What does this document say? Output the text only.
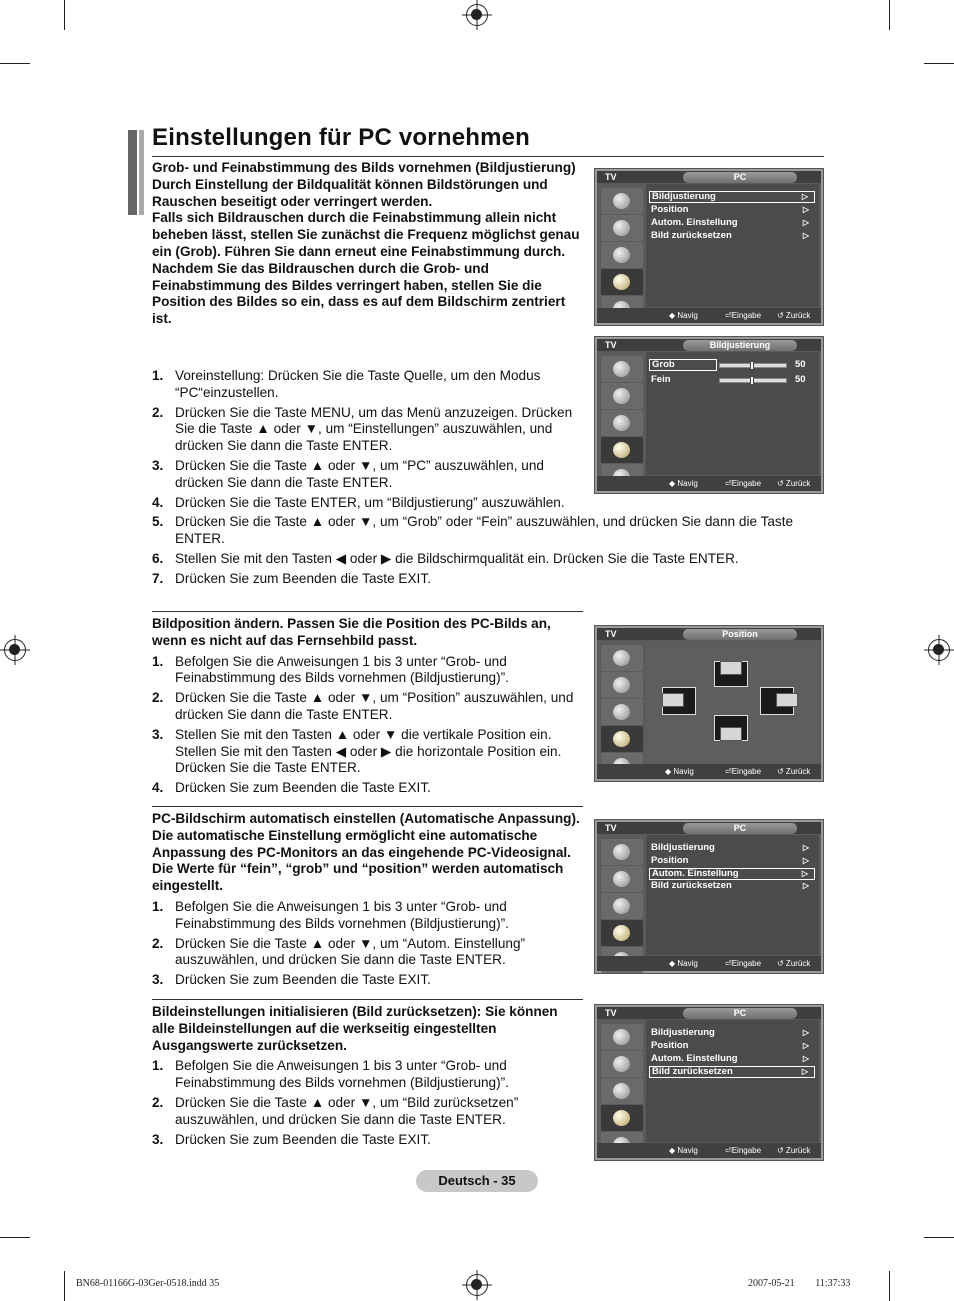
Einstellungen für PC vornehmen

Grob- und Feinabstimmung des Bilds vornehmen (Bildjustierung)

Durch Einstellung der Bildqualität können Bildstörungen und Rauschen beseitigt oder verringert werden.

Falls sich Bildrauschen durch die Feinabstimmung allein nicht beheben lässt, stellen Sie zunächst die Frequenz möglichst genau ein (Grob). Führen Sie dann erneut eine Feinabstimmung durch.

Nachdem Sie das Bildrauschen durch die Grob- und Feinabstimmung des Bildes verringert haben, stellen Sie die Position des Bildes so ein, dass es auf dem Bildschirm zentriert ist.

1. Voreinstellung: Drücken Sie die Taste Quelle, um den Modus “PC“einzustellen.
2. Drücken Sie die Taste MENU, um das Menü anzuzeigen. Drücken Sie die Taste ▲ oder ▼, um “Einstellungen” auszuwählen, und drücken Sie dann die Taste ENTER.
3. Drücken Sie die Taste ▲ oder ▼, um “PC” auszuwählen, und drücken Sie dann die Taste ENTER.
4. Drücken Sie die Taste ENTER, um “Bildjustierung” auszuwählen.
5. Drücken Sie die Taste ▲ oder ▼, um “Grob” oder “Fein” auszuwählen, und drücken Sie dann die Taste ENTER.
6. Stellen Sie mit den Tasten ◀ oder ▶ die Bildschirmqualität ein. Drücken Sie die Taste ENTER.
7. Drücken Sie zum Beenden die Taste EXIT.

Bildposition ändern. Passen Sie die Position des PC-Bilds an, wenn es nicht auf das Fernsehbild passt.

1. Befolgen Sie die Anweisungen 1 bis 3 unter “Grob- und Feinabstimmung des Bilds vornehmen (Bildjustierung)”.
2. Drücken Sie die Taste ▲ oder ▼, um “Position” auszuwählen, und drücken Sie dann die Taste ENTER.
3. Stellen Sie mit den Tasten ▲ oder ▼ die vertikale Position ein. Stellen Sie mit den Tasten ◀ oder ▶ die horizontale Position ein. Drücken Sie die Taste ENTER.
4. Drücken Sie zum Beenden die Taste EXIT.

PC-Bildschirm automatisch einstellen (Automatische Anpassung). Die automatische Einstellung ermöglicht eine automatische Anpassung des PC-Monitors an das eingehende PC-Videosignal. Die Werte für “fein”, “grob” und “position” werden automatisch eingestellt.

1. Befolgen Sie die Anweisungen 1 bis 3 unter “Grob- und Feinabstimmung des Bilds vornehmen (Bildjustierung)”.
2. Drücken Sie die Taste ▲ oder ▼, um “Autom. Einstellung” auszuwählen, und drücken Sie dann die Taste ENTER.
3. Drücken Sie zum Beenden die Taste EXIT.

Bildeinstellungen initialisieren (Bild zurücksetzen): Sie können alle Bildeinstellungen auf die werkseitig eingestellten Ausgangswerte zurücksetzen.

1. Befolgen Sie die Anweisungen 1 bis 3 unter “Grob- und Feinabstimmung des Bilds vornehmen (Bildjustierung)”.
2. Drücken Sie die Taste ▲ oder ▼, um “Bild zurücksetzen” auszuwählen, und drücken Sie dann die Taste ENTER.
3. Drücken Sie zum Beenden die Taste EXIT.
TV	PC
Bildjustierung	▷
Position	▷
Autom. Einstellung	▷
Bild zurücksetzen	▷
◆ Navig	⏎Eingabe ↺ Zurück
TV	Bildjustierung
Grob	50
Fein	50
◆ Navig	⏎Eingabe ↺ Zurück
TV	Position
◆ Navig	⏎Eingabe ↺ Zurück
TV	PC
Bildjustierung	▷
Position	▷
Autom. Einstellung	▷
Bild zurücksetzen	▷
◆ Navig	⏎Eingabe ↺ Zurück
TV	PC
Bildjustierung	▷
Position	▷
Autom. Einstellung	▷
Bild zurücksetzen	▷
◆ Navig	⏎Eingabe ↺ Zurück
Deutsch - 35
BN68-01166G-03Ger-0518.indd 35	2007-05-21 ￿￿ 11:37:33
